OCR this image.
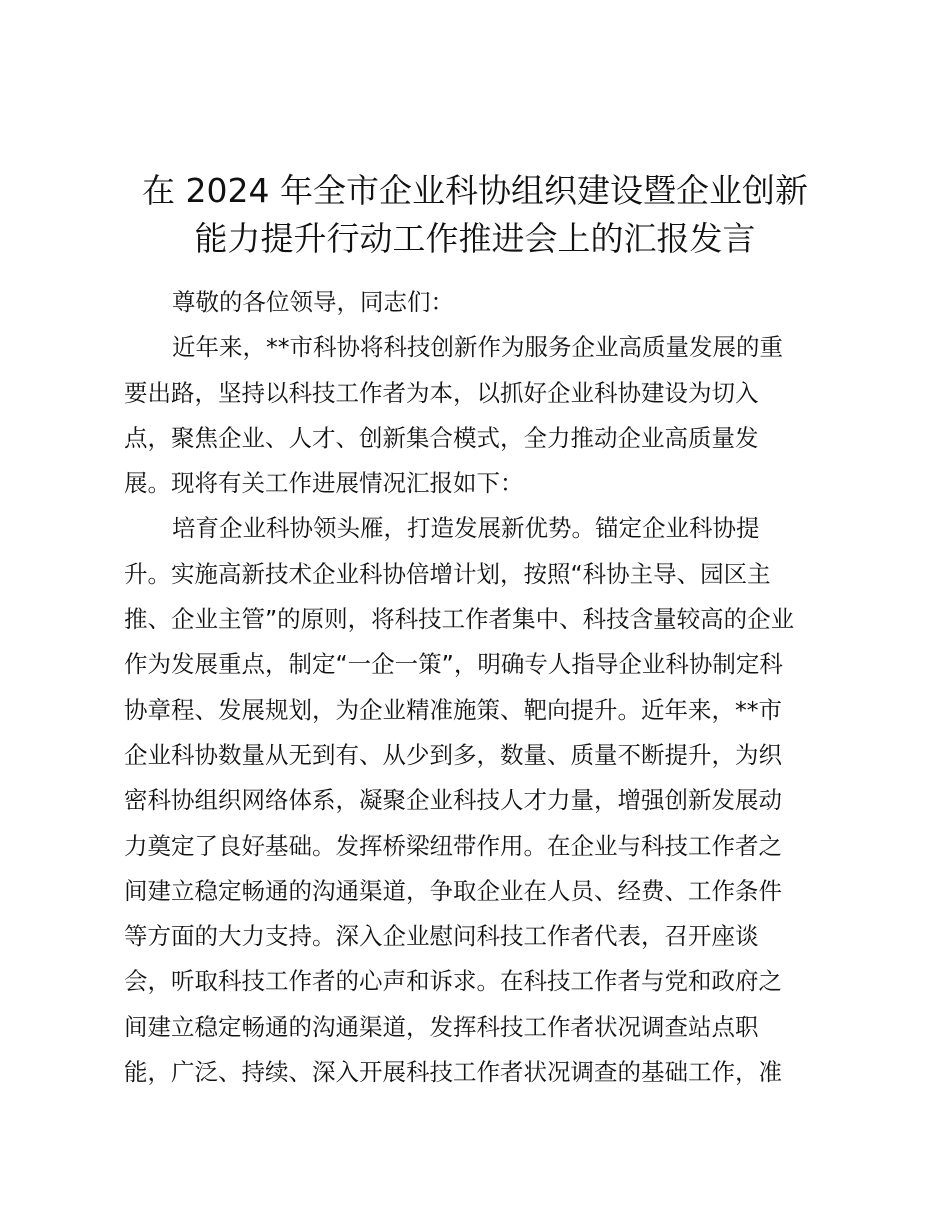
在 2024 年全市企业科协组织建设暨企业创新
能力提升行动工作推进会上的汇报发言

尊敬的各位领导，同志们：

近年来，**市科协将科技创新作为服务企业高质量发展的重

要出路，坚持以科技工作者为本，以抓好企业科协建设为切入

点，聚焦企业、人才、创新集合模式，全力推动企业高质量发

展。现将有关工作进展情况汇报如下：

培育企业科协领头雁，打造发展新优势。锚定企业科协提

升。实施高新技术企业科协倍增计划，按照“科协主导、园区主

推、企业主管”的原则，将科技工作者集中、科技含量较高的企业

作为发展重点，制定“一企一策”，明确专人指导企业科协制定科

协章程、发展规划，为企业精准施策、靶向提升。近年来，**市

企业科协数量从无到有、从少到多，数量、质量不断提升，为织

密科协组织网络体系，凝聚企业科技人才力量，增强创新发展动

力奠定了良好基础。发挥桥梁纽带作用。在企业与科技工作者之

间建立稳定畅通的沟通渠道，争取企业在人员、经费、工作条件

等方面的大力支持。深入企业慰问科技工作者代表，召开座谈

会，听取科技工作者的心声和诉求。在科技工作者与党和政府之

间建立稳定畅通的沟通渠道，发挥科技工作者状况调查站点职

能，广泛、持续、深入开展科技工作者状况调查的基础工作，准
